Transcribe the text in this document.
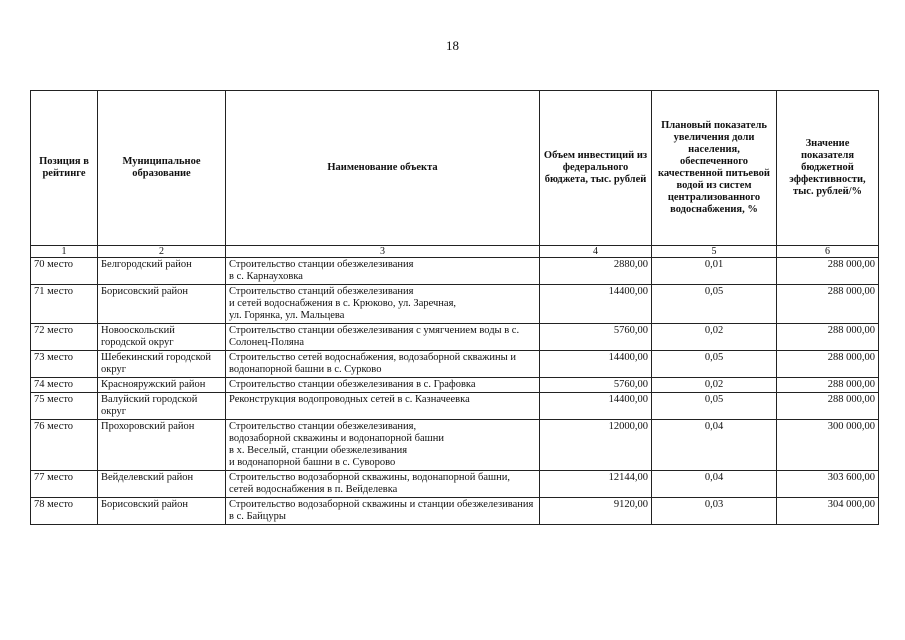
18
Позиция в рейтинге	Муниципальное образование	Наименование объекта	Объем инвестиций из федерального бюджета, тыс. рублей	Плановый показатель увеличения доли населения, обеспеченного качественной питьевой водой из систем централизованного водоснабжения, %	Значение показателя бюджетной эффективности, тыс. рублей/%
1	2	3	4	5	6
70 место	Белгородский район	Строительство станции обезжелезивания
в с. Карнауховка	2880,00	0,01	288 000,00
71 место	Борисовский район	Строительство станций обезжелезивания
и сетей водоснабжения в с. Крюково, ул. Заречная,
ул. Горянка, ул. Мальцева	14400,00	0,05	288 000,00
72 место	Новооскольский городской округ	Строительство станции обезжелезивания с умягчением воды в с. Солонец-Поляна	5760,00	0,02	288 000,00
73 место	Шебекинский городской округ	Строительство сетей водоснабжения, водозаборной скважины и водонапорной башни в с. Сурково	14400,00	0,05	288 000,00
74 место	Краснояружский район	Строительство станции обезжелезивания в с. Графовка	5760,00	0,02	288 000,00
75 место	Валуйский городской округ	Реконструкция водопроводных сетей в с. Казначеевка	14400,00	0,05	288 000,00
76 место	Прохоровский район	Строительство станции обезжелезивания,
водозаборной скважины и водонапорной башни
в х. Веселый, станции обезжелезивания
и водонапорной башни в с. Суворово	12000,00	0,04	300 000,00
77 место	Вейделевский район	Строительство водозаборной скважины, водонапорной башни, сетей водоснабжения в п. Вейделевка	12144,00	0,04	303 600,00
78 место	Борисовский район	Строительство водозаборной скважины и станции обезжелезивания в с. Байцуры	9120,00	0,03	304 000,00
